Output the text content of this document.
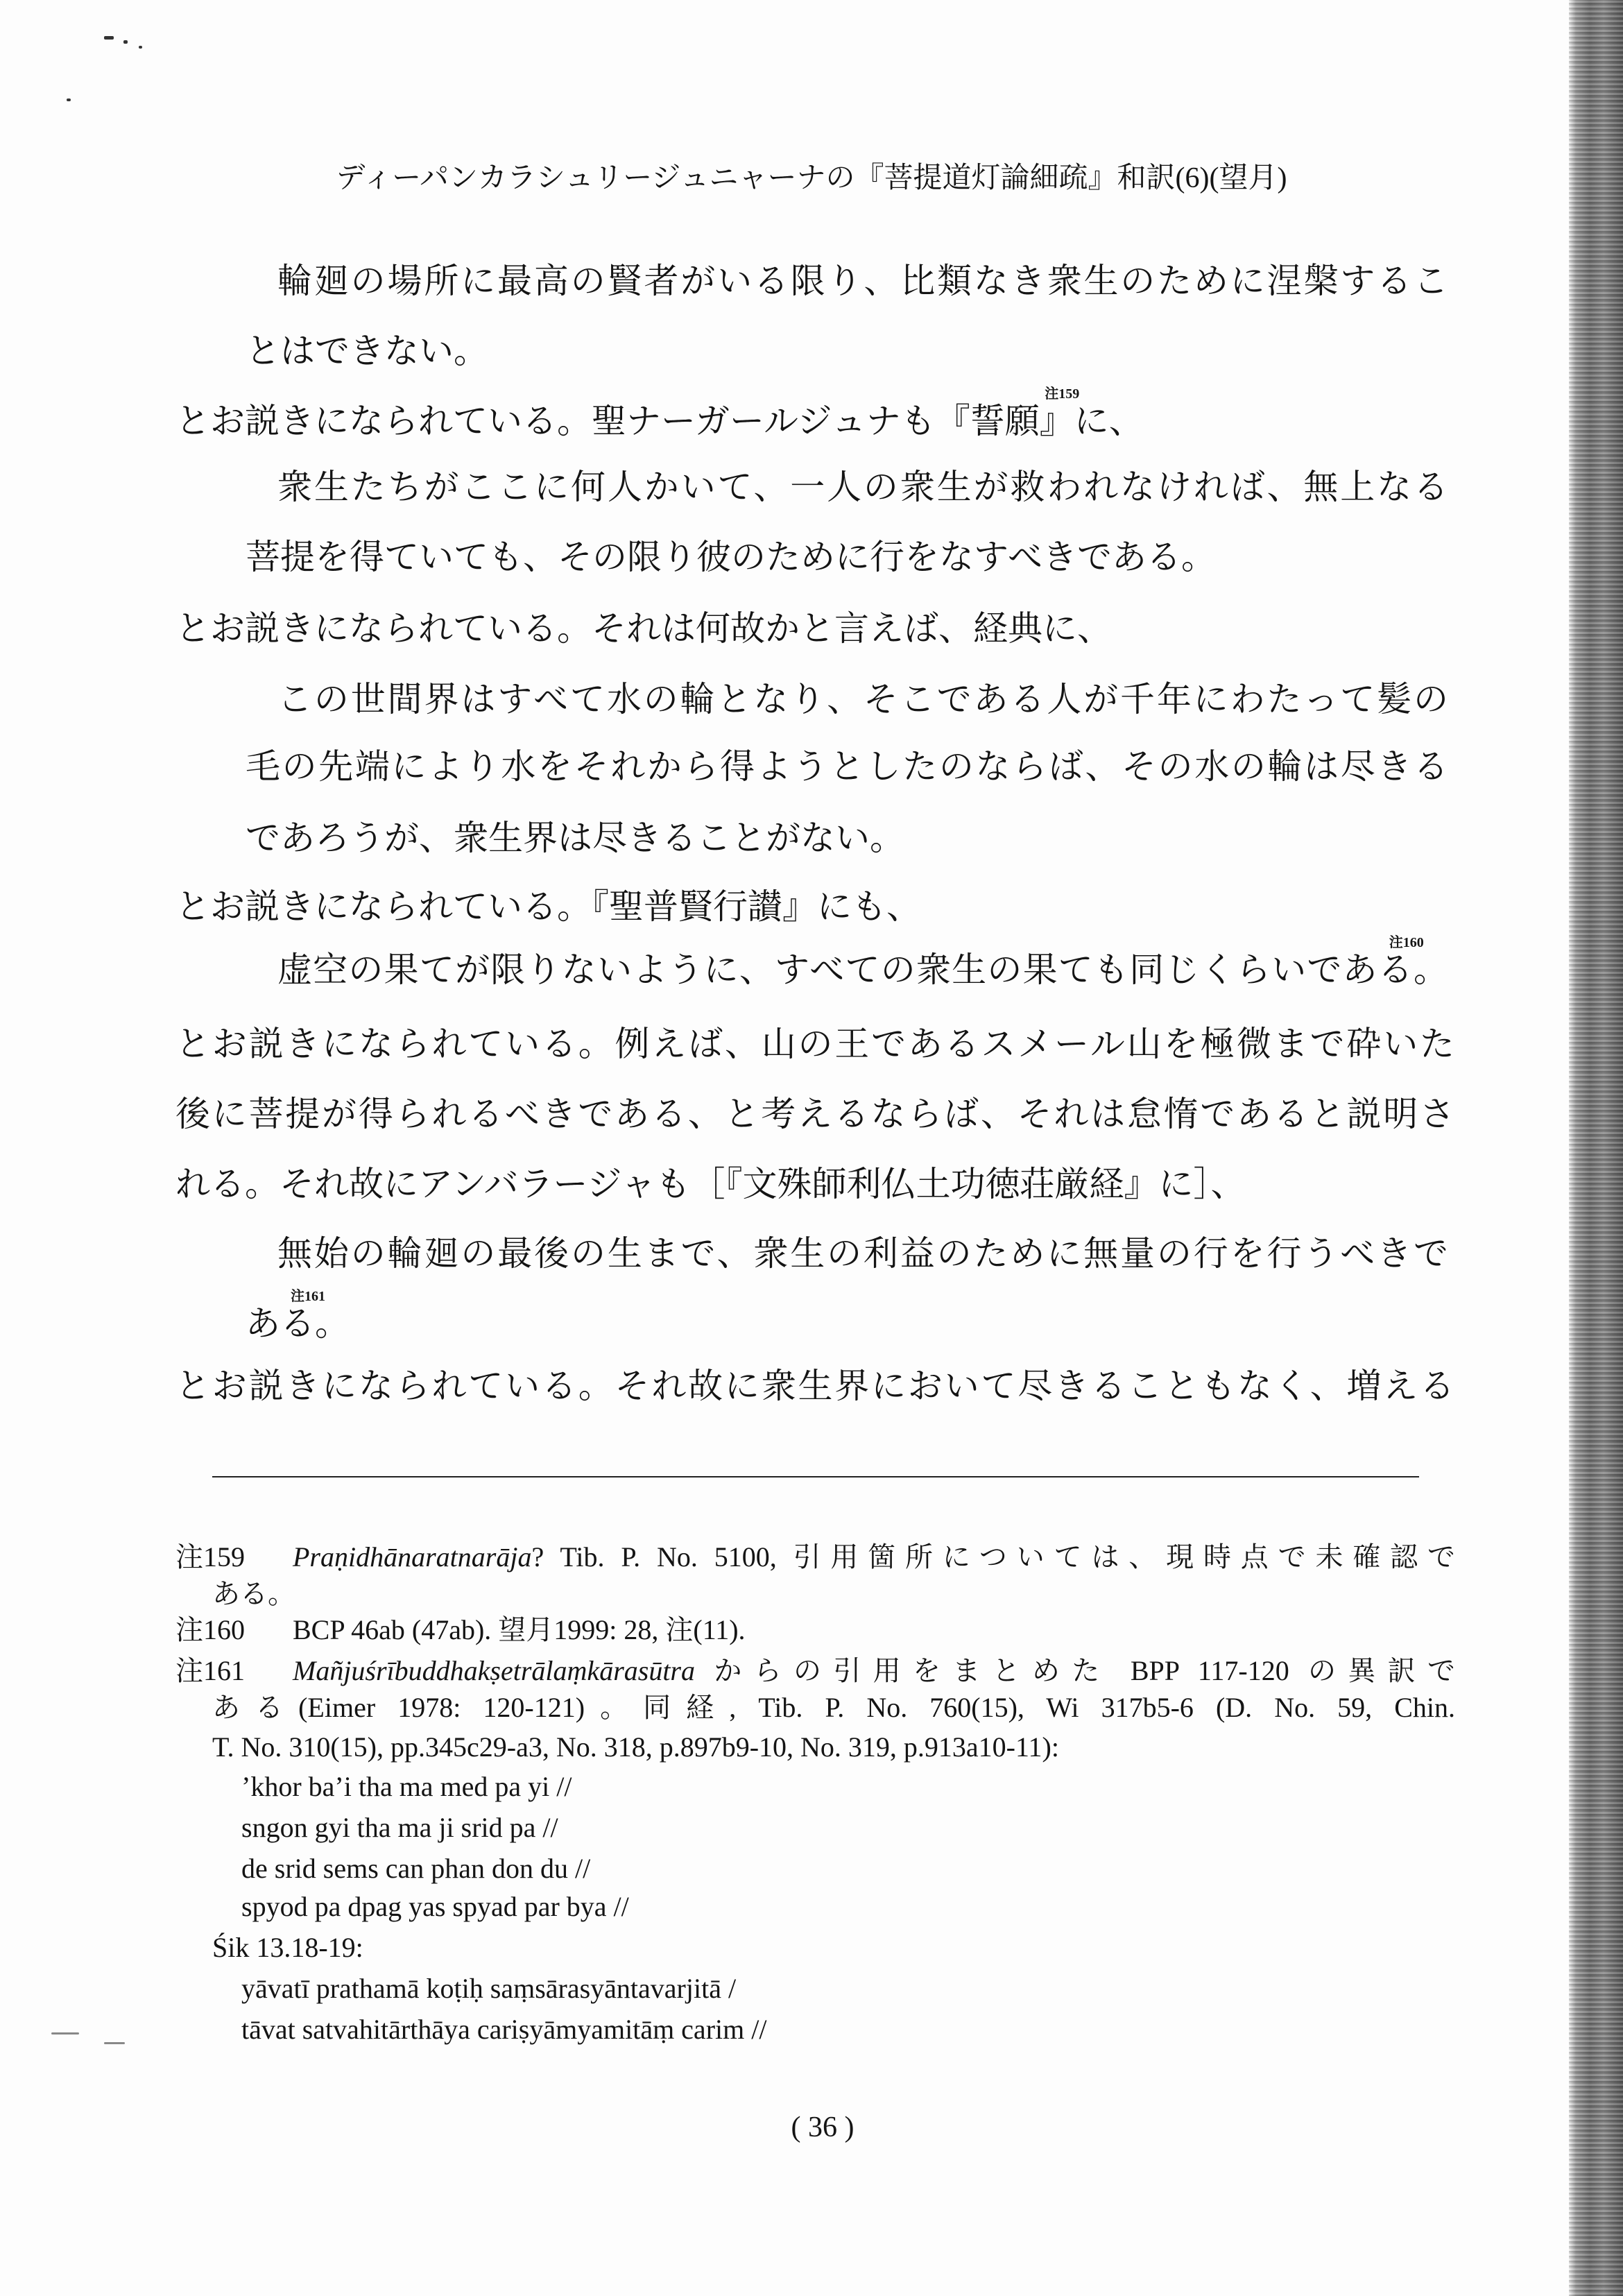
ディーパンカラシュリージュニャーナの『菩提道灯論細疏』和訳(6)(望月)
輪廻の場所に最高の賢者がいる限り、比類なき衆生のために涅槃するこ
とはできない。
とお説きになられている。聖ナーガールジュナも『誓願』
注159
に、
衆生たちがここに何人かいて、一人の衆生が救われなければ、無上なる
菩提を得ていても、その限り彼のために行をなすべきである。
とお説きになられている。それは何故かと言えば、経典に、
この世間界はすべて水の輪となり、そこである人が千年にわたって髪の
毛の先端により水をそれから得ようとしたのならば、その水の輪は尽きる
であろうが、衆生界は尽きることがない。
とお説きになられている。『聖普賢行讃』にも、
虚空の果てが限りないように、すべての衆生の果ても同じくらいである
注160
。
とお説きになられている。例えば、山の王であるスメール山を極微まで砕いた
後に菩提が得られるべきである、と考えるならば、それは怠惰であると説明さ
れる。それ故にアンバラージャも［『文殊師利仏土功徳荘厳経』に］、
無始の輪廻の最後の生まで、衆生の利益のために無量の行を行うべきで
ある
注161
。
とお説きになられている。それ故に衆生界において尽きることもなく、増える
注159 Praṇidhānaratnarāja? Tib. P. No. 5100, 引用箇所については、現時点で未確認で
ある。
注160 BCP 46ab (47ab). 望月1999: 28, 注(11).
注161 Mañjuśrībuddhakṣetrālaṃkārasūtra からの引用をまとめた BPP 117-120 の異訳で
ある(Eimer 1978: 120-121)。同経, Tib. P. No. 760(15), Wi 317b5-6 (D. No. 59, Chin.
T. No. 310(15), pp.345c29-a3, No. 318, p.897b9-10, No. 319, p.913a10-11):
’khor ba’i tha ma med pa yi //
sngon gyi tha ma ji srid pa //
de srid sems can phan don du //
spyod pa dpag yas spyad par bya //
Śik 13.18-19:
yāvatī prathamā koṭiḥ saṃsārasyāntavarjitā /
tāvat satvahitārthāya cariṣyāmyamitāṃ carim //
( 36 )
